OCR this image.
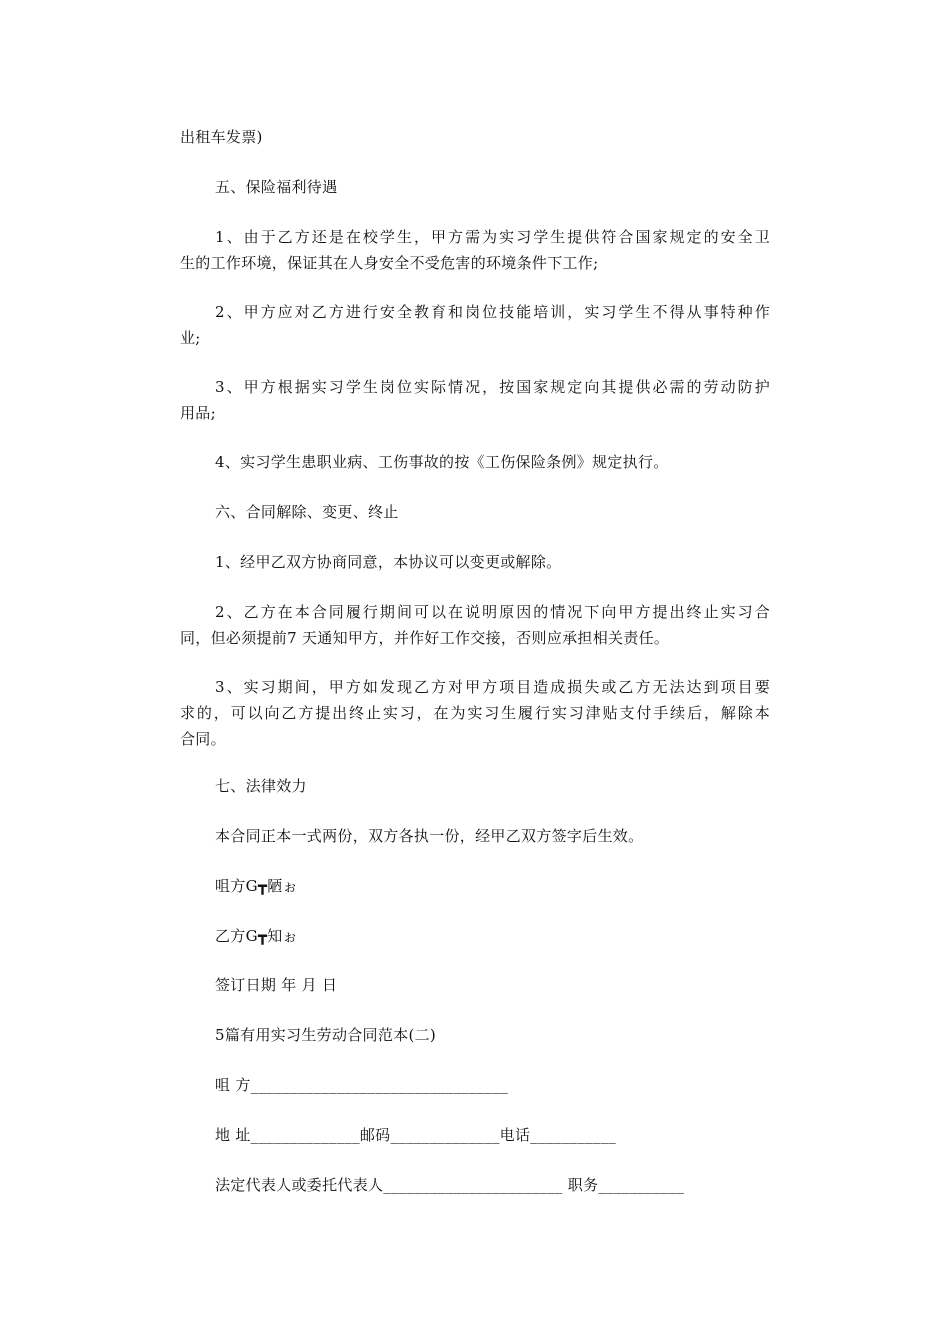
出租车发票)
五、保险福利待遇
1、由于乙方还是在校学生，甲方需为实习学生提供符合国家规定的安全卫
生的工作环境，保证其在人身安全不受危害的环境条件下工作;
2、甲方应对乙方进行安全教育和岗位技能培训，实习学生不得从事特种作
业;
3、甲方根据实习学生岗位实际情况，按国家规定向其提供必需的劳动防护
用品;
4、实习学生患职业病、工伤事故的按《工伤保险条例》规定执行。
六、合同解除、变更、终止
1、经甲乙双方协商同意，本协议可以变更或解除。
2、乙方在本合同履行期间可以在说明原因的情况下向甲方提出终止实习合
同，但必须提前7 天通知甲方，并作好工作交接，否则应承担相关责任。
3、实习期间，甲方如发现乙方对甲方项目造成损失或乙方无法达到项目要
求的，可以向乙方提出终止实习，在为实习生履行实习津贴支付手续后，解除本
合同。
七、法律效力
本合同正本一式两份，双方各执一份，经甲乙双方签字后生效。
咀方G┳陋ぉ
乙方G┳知ぉ
签订日期 年 月 日
5篇有用实习生劳动合同范本(二)
咀 方_________________________________
地 址______________邮码______________电话___________
法定代表人或委托代表人_______________________ 职务___________
